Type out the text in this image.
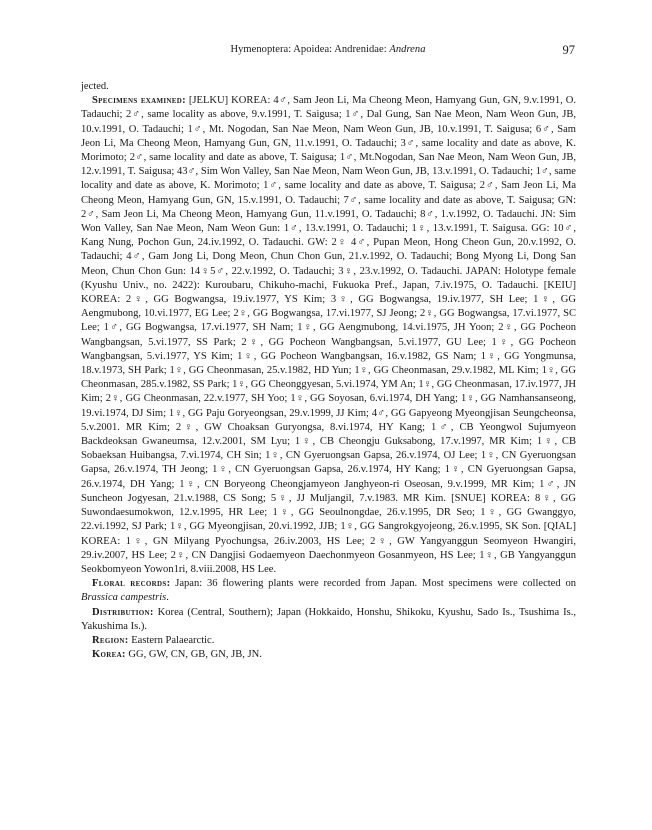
Hymenoptera: Apoidea: Andrenidae: Andrena	97

jected.

Specimens examined: [JELKU] KOREA: 4♂, Sam Jeon Li, Ma Cheong Meon, Hamyang Gun, GN, 9.v.1991, O. Tadauchi; 2♂, same locality as above, 9.v.1991, T. Saigusa; 1♂, Dal Gung, San Nae Meon, Nam Weon Gun, JB, 10.v.1991, O. Tadauchi; 1♂, Mt. Nogodan, San Nae Meon, Nam Weon Gun, JB, 10.v.1991, T. Saigusa; 6♂, Sam Jeon Li, Ma Cheong Meon, Hamyang Gun, GN, 11.v.1991, O. Tadauchi; 3♂, same locality and date as above, K. Morimoto; 2♂, same locality and date as above, T. Saigusa; 1♂, Mt.Nogodan, San Nae Meon, Nam Weon Gun, JB, 12.v.1991, T. Saigusa; 43♂, Sim Won Valley, San Nae Meon, Nam Weon Gun, JB, 13.v.1991, O. Tadauchi; 1♂, same locality and date as above, K. Morimoto; 1♂, same locality and date as above, T. Saigusa; 2♂, Sam Jeon Li, Ma Cheong Meon, Hamyang Gun, GN, 15.v.1991, O. Tadauchi; 7♂, same locality and date as above, T. Saigusa; GN: 2♂, Sam Jeon Li, Ma Cheong Meon, Hamyang Gun, 11.v.1991, O. Tadauchi; 8♂, 1.v.1992, O. Tadauchi. JN: Sim Won Valley, San Nae Meon, Nam Weon Gun: 1♂, 13.v.1991, O. Tadauchi; 1♀, 13.v.1991, T. Saigusa. GG: 10♂, Kang Nung, Pochon Gun, 24.iv.1992, O. Tadauchi. GW: 2♀ 4♂, Pupan Meon, Hong Cheon Gun, 20.v.1992, O. Tadauchi; 4♂, Gam Jong Li, Dong Meon, Chun Chon Gun, 21.v.1992, O. Tadauchi; Bong Myong Li, Dong San Meon, Chun Chon Gun: 14♀5♂, 22.v.1992, O. Tadauchi; 3♀, 23.v.1992, O. Tadauchi. JAPAN: Holotype female (Kyushu Univ., no. 2422): Kuroubaru, Chikuho-machi, Fukuoka Pref., Japan, 7.iv.1975, O. Tadauchi. [KEIU] KOREA: 2♀, GG Bogwangsa, 19.iv.1977, YS Kim; 3♀, GG Bogwangsa, 19.iv.1977, SH Lee; 1♀, GG Aengmubong, 10.vi.1977, EG Lee; 2♀, GG Bogwangsa, 17.vi.1977, SJ Jeong; 2♀, GG Bogwangsa, 17.vi.1977, SC Lee; 1♂, GG Bogwangsa, 17.vi.1977, SH Nam; 1♀, GG Aengmubong, 14.vi.1975, JH Yoon; 2♀, GG Pocheon Wangbangsan, 5.vi.1977, SS Park; 2♀, GG Pocheon Wangbangsan, 5.vi.1977, GU Lee; 1♀, GG Pocheon Wangbangsan, 5.vi.1977, YS Kim; 1♀, GG Pocheon Wangbangsan, 16.v.1982, GS Nam; 1♀, GG Yongmunsa, 18.v.1973, SH Park; 1♀, GG Cheonmasan, 25.v.1982, HD Yun; 1♀, GG Cheonmasan, 29.v.1982, ML Kim; 1♀, GG Cheonmasan, 285.v.1982, SS Park; 1♀, GG Cheonggyesan, 5.vi.1974, YM An; 1♀, GG Cheonmasan, 17.iv.1977, JH Kim; 2♀, GG Cheonmasan, 22.v.1977, SH Yoo; 1♀, GG Soyosan, 6.vi.1974, DH Yang; 1♀, GG Namhansanseong, 19.vi.1974, DJ Sim; 1♀, GG Paju Goryeongsan, 29.v.1999, JJ Kim; 4♂, GG Gapyeong Myeongjisan Seungcheonsa, 5.v.2001. MR Kim; 2♀, GW Choaksan Guryongsa, 8.vi.1974, HY Kang; 1♂, CB Yeongwol Sujumyeon Backdeoksan Gwaneumsa, 12.v.2001, SM Lyu; 1♀, CB Cheongju Guksabong, 17.v.1997, MR Kim; 1♀, CB Sobaeksan Huibangsa, 7.vi.1974, CH Sin; 1♀, CN Gyeruongsan Gapsa, 26.v.1974, OJ Lee; 1♀, CN Gyeruongsan Gapsa, 26.v.1974, TH Jeong; 1♀, CN Gyeruongsan Gapsa, 26.v.1974, HY Kang; 1♀, CN Gyeruongsan Gapsa, 26.v.1974, DH Yang; 1♀, CN Boryeong Cheongjamyeon Janghyeon-ri Oseosan, 9.v.1999, MR Kim; 1♂, JN Suncheon Jogyesan, 21.v.1988, CS Song; 5♀, JJ Muljangil, 7.v.1983. MR Kim. [SNUE] KOREA: 8♀, GG Suwondaesumokwon, 12.v.1995, HR Lee; 1♀, GG Seoulnongdae, 26.v.1995, DR Seo; 1♀, GG Gwanggyo, 22.vi.1992, SJ Park; 1♀, GG Myeongjisan, 20.vi.1992, JJB; 1♀, GG Sangrokgyojeong, 26.v.1995, SK Son. [QIAL] KOREA: 1♀, GN Milyang Pyochungsa, 26.iv.2003, HS Lee; 2♀, GW Yangyanggun Seomyeon Hwangiri, 29.iv.2007, HS Lee; 2♀, CN Dangjisi Godaemyeon Daechonmyeon Gosanmyeon, HS Lee; 1♀, GB Yangyanggun Seokbomyeon Yowon1ri, 8.viii.2008, HS Lee.

Floral records: Japan: 36 flowering plants were recorded from Japan. Most specimens were collected on Brassica campestris.

Distribution: Korea (Central, Southern); Japan (Hokkaido, Honshu, Shikoku, Kyushu, Sado Is., Tsushima Is., Yakushima Is.).

Region: Eastern Palaearctic.

Korea: GG, GW, CN, GB, GN, JB, JN.
